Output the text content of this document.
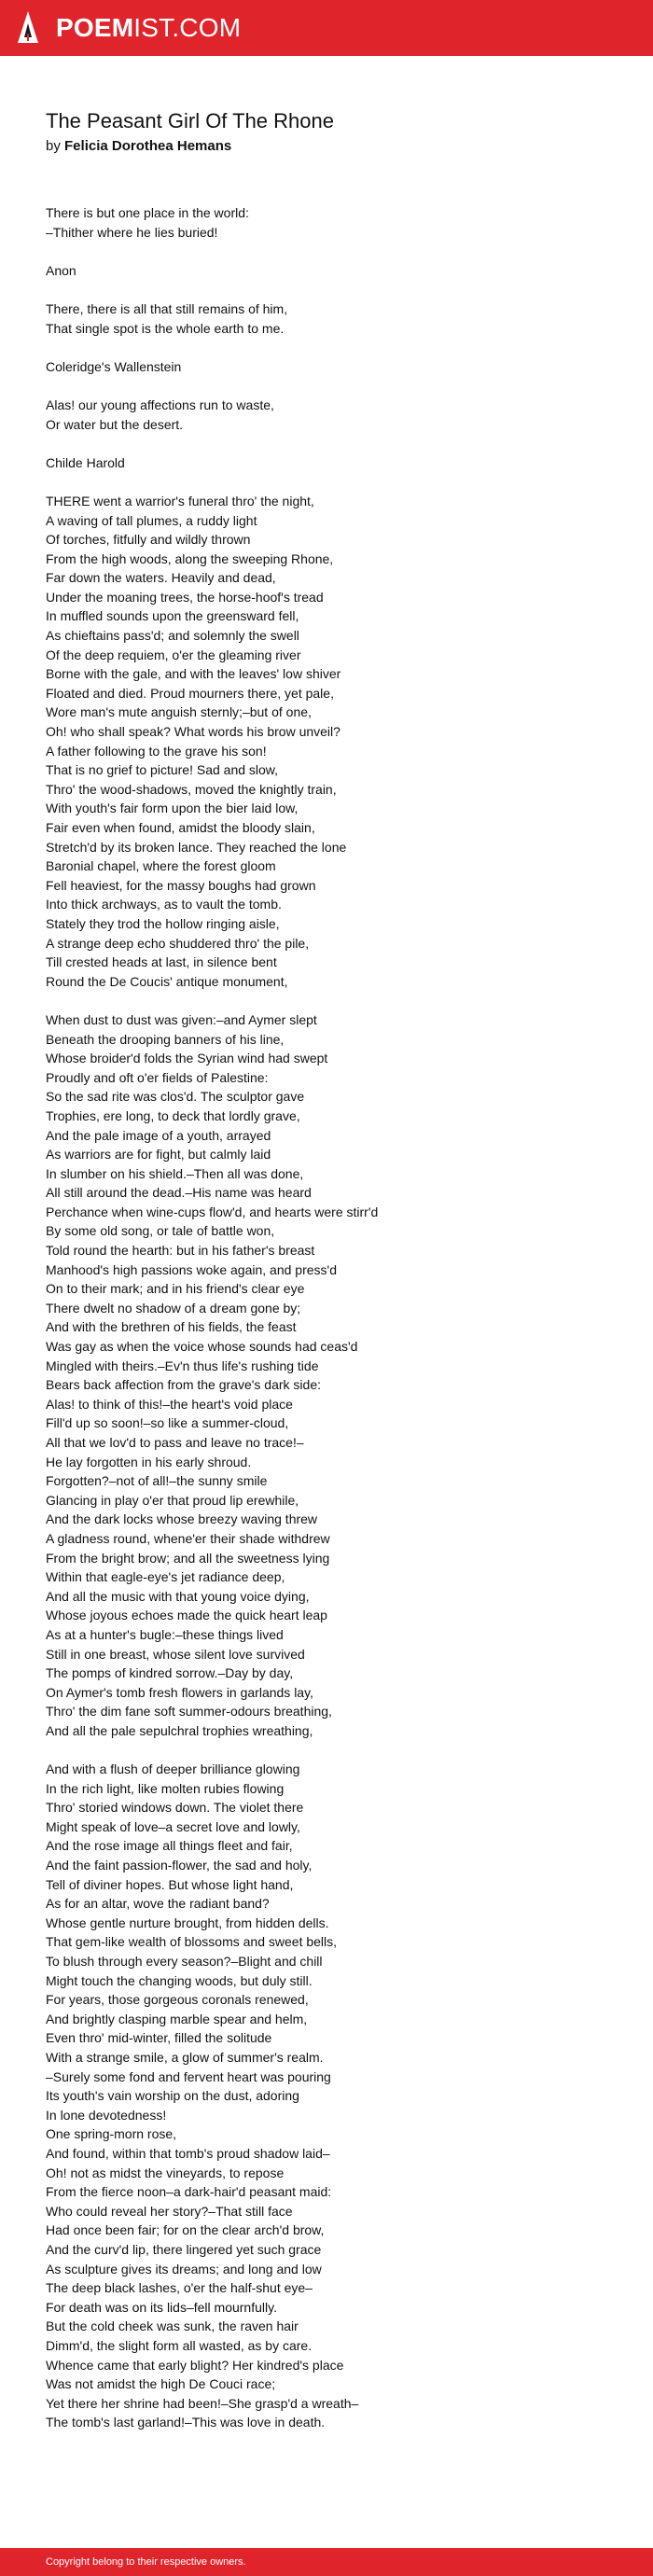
POEMIST.COM
The Peasant Girl Of The Rhone
by Felicia Dorothea Hemans
There is but one place in the world:
–Thither where he lies buried!
Anon
There, there is all that still remains of him,
That single spot is the whole earth to me.
Coleridge's Wallenstein
Alas! our young affections run to waste,
Or water but the desert.
Childe Harold
THERE went a warrior's funeral thro' the night,
A waving of tall plumes, a ruddy light
Of torches, fitfully and wildly thrown
From the high woods, along the sweeping Rhone,
Far down the waters. Heavily and dead,
Under the moaning trees, the horse-hoof's tread
In muffled sounds upon the greensward fell,
As chieftains pass'd; and solemnly the swell
Of the deep requiem, o'er the gleaming river
Borne with the gale, and with the leaves' low shiver
Floated and died. Proud mourners there, yet pale,
Wore man's mute anguish sternly;–but of one,
Oh! who shall speak? What words his brow unveil?
A father following to the grave his son!
That is no grief to picture! Sad and slow,
Thro' the wood-shadows, moved the knightly train,
With youth's fair form upon the bier laid low,
Fair even when found, amidst the bloody slain,
Stretch'd by its broken lance. They reached the lone
Baronial chapel, where the forest gloom
Fell heaviest, for the massy boughs had grown
Into thick archways, as to vault the tomb.
Stately they trod the hollow ringing aisle,
A strange deep echo shuddered thro' the pile,
Till crested heads at last, in silence bent
Round the De Coucis' antique monument,
When dust to dust was given:–and Aymer slept
Beneath the drooping banners of his line,
Whose broider'd folds the Syrian wind had swept
Proudly and oft o'er fields of Palestine:
So the sad rite was clos'd. The sculptor gave
Trophies, ere long, to deck that lordly grave,
And the pale image of a youth, arrayed
As warriors are for fight, but calmly laid
In slumber on his shield.–Then all was done,
All still around the dead.–His name was heard
Perchance when wine-cups flow'd, and hearts were stirr'd
By some old song, or tale of battle won,
Told round the hearth: but in his father's breast
Manhood's high passions woke again, and press'd
On to their mark; and in his friend's clear eye
There dwelt no shadow of a dream gone by;
And with the brethren of his fields, the feast
Was gay as when the voice whose sounds had ceas'd
Mingled with theirs.–Ev'n thus life's rushing tide
Bears back affection from the grave's dark side:
Alas! to think of this!–the heart's void place
Fill'd up so soon!–so like a summer-cloud,
All that we lov'd to pass and leave no trace!–
He lay forgotten in his early shroud.
Forgotten?–not of all!–the sunny smile
Glancing in play o'er that proud lip erewhile,
And the dark locks whose breezy waving threw
A gladness round, whene'er their shade withdrew
From the bright brow; and all the sweetness lying
Within that eagle-eye's jet radiance deep,
And all the music with that young voice dying,
Whose joyous echoes made the quick heart leap
As at a hunter's bugle:–these things lived
Still in one breast, whose silent love survived
The pomps of kindred sorrow.–Day by day,
On Aymer's tomb fresh flowers in garlands lay,
Thro' the dim fane soft summer-odours breathing,
And all the pale sepulchral trophies wreathing,
And with a flush of deeper brilliance glowing
In the rich light, like molten rubies flowing
Thro' storied windows down. The violet there
Might speak of love–a secret love and lowly,
And the rose image all things fleet and fair,
And the faint passion-flower, the sad and holy,
Tell of diviner hopes. But whose light hand,
As for an altar, wove the radiant band?
Whose gentle nurture brought, from hidden dells.
That gem-like wealth of blossoms and sweet bells,
To blush through every season?–Blight and chill
Might touch the changing woods, but duly still.
For years, those gorgeous coronals renewed,
And brightly clasping marble spear and helm,
Even thro' mid-winter, filled the solitude
With a strange smile, a glow of summer's realm.
–Surely some fond and fervent heart was pouring
Its youth's vain worship on the dust, adoring
In lone devotedness!
One spring-morn rose,
And found, within that tomb's proud shadow laid–
Oh! not as midst the vineyards, to repose
From the fierce noon–a dark-hair'd peasant maid:
Who could reveal her story?–That still face
Had once been fair; for on the clear arch'd brow,
And the curv'd lip, there lingered yet such grace
As sculpture gives its dreams; and long and low
The deep black lashes, o'er the half-shut eye–
For death was on its lids–fell mournfully.
But the cold cheek was sunk, the raven hair
Dimm'd, the slight form all wasted, as by care.
Whence came that early blight? Her kindred's place
Was not amidst the high De Couci race;
Yet there her shrine had been!–She grasp'd a wreath–
The tomb's last garland!–This was love in death.
Copyright belong to their respective owners.
